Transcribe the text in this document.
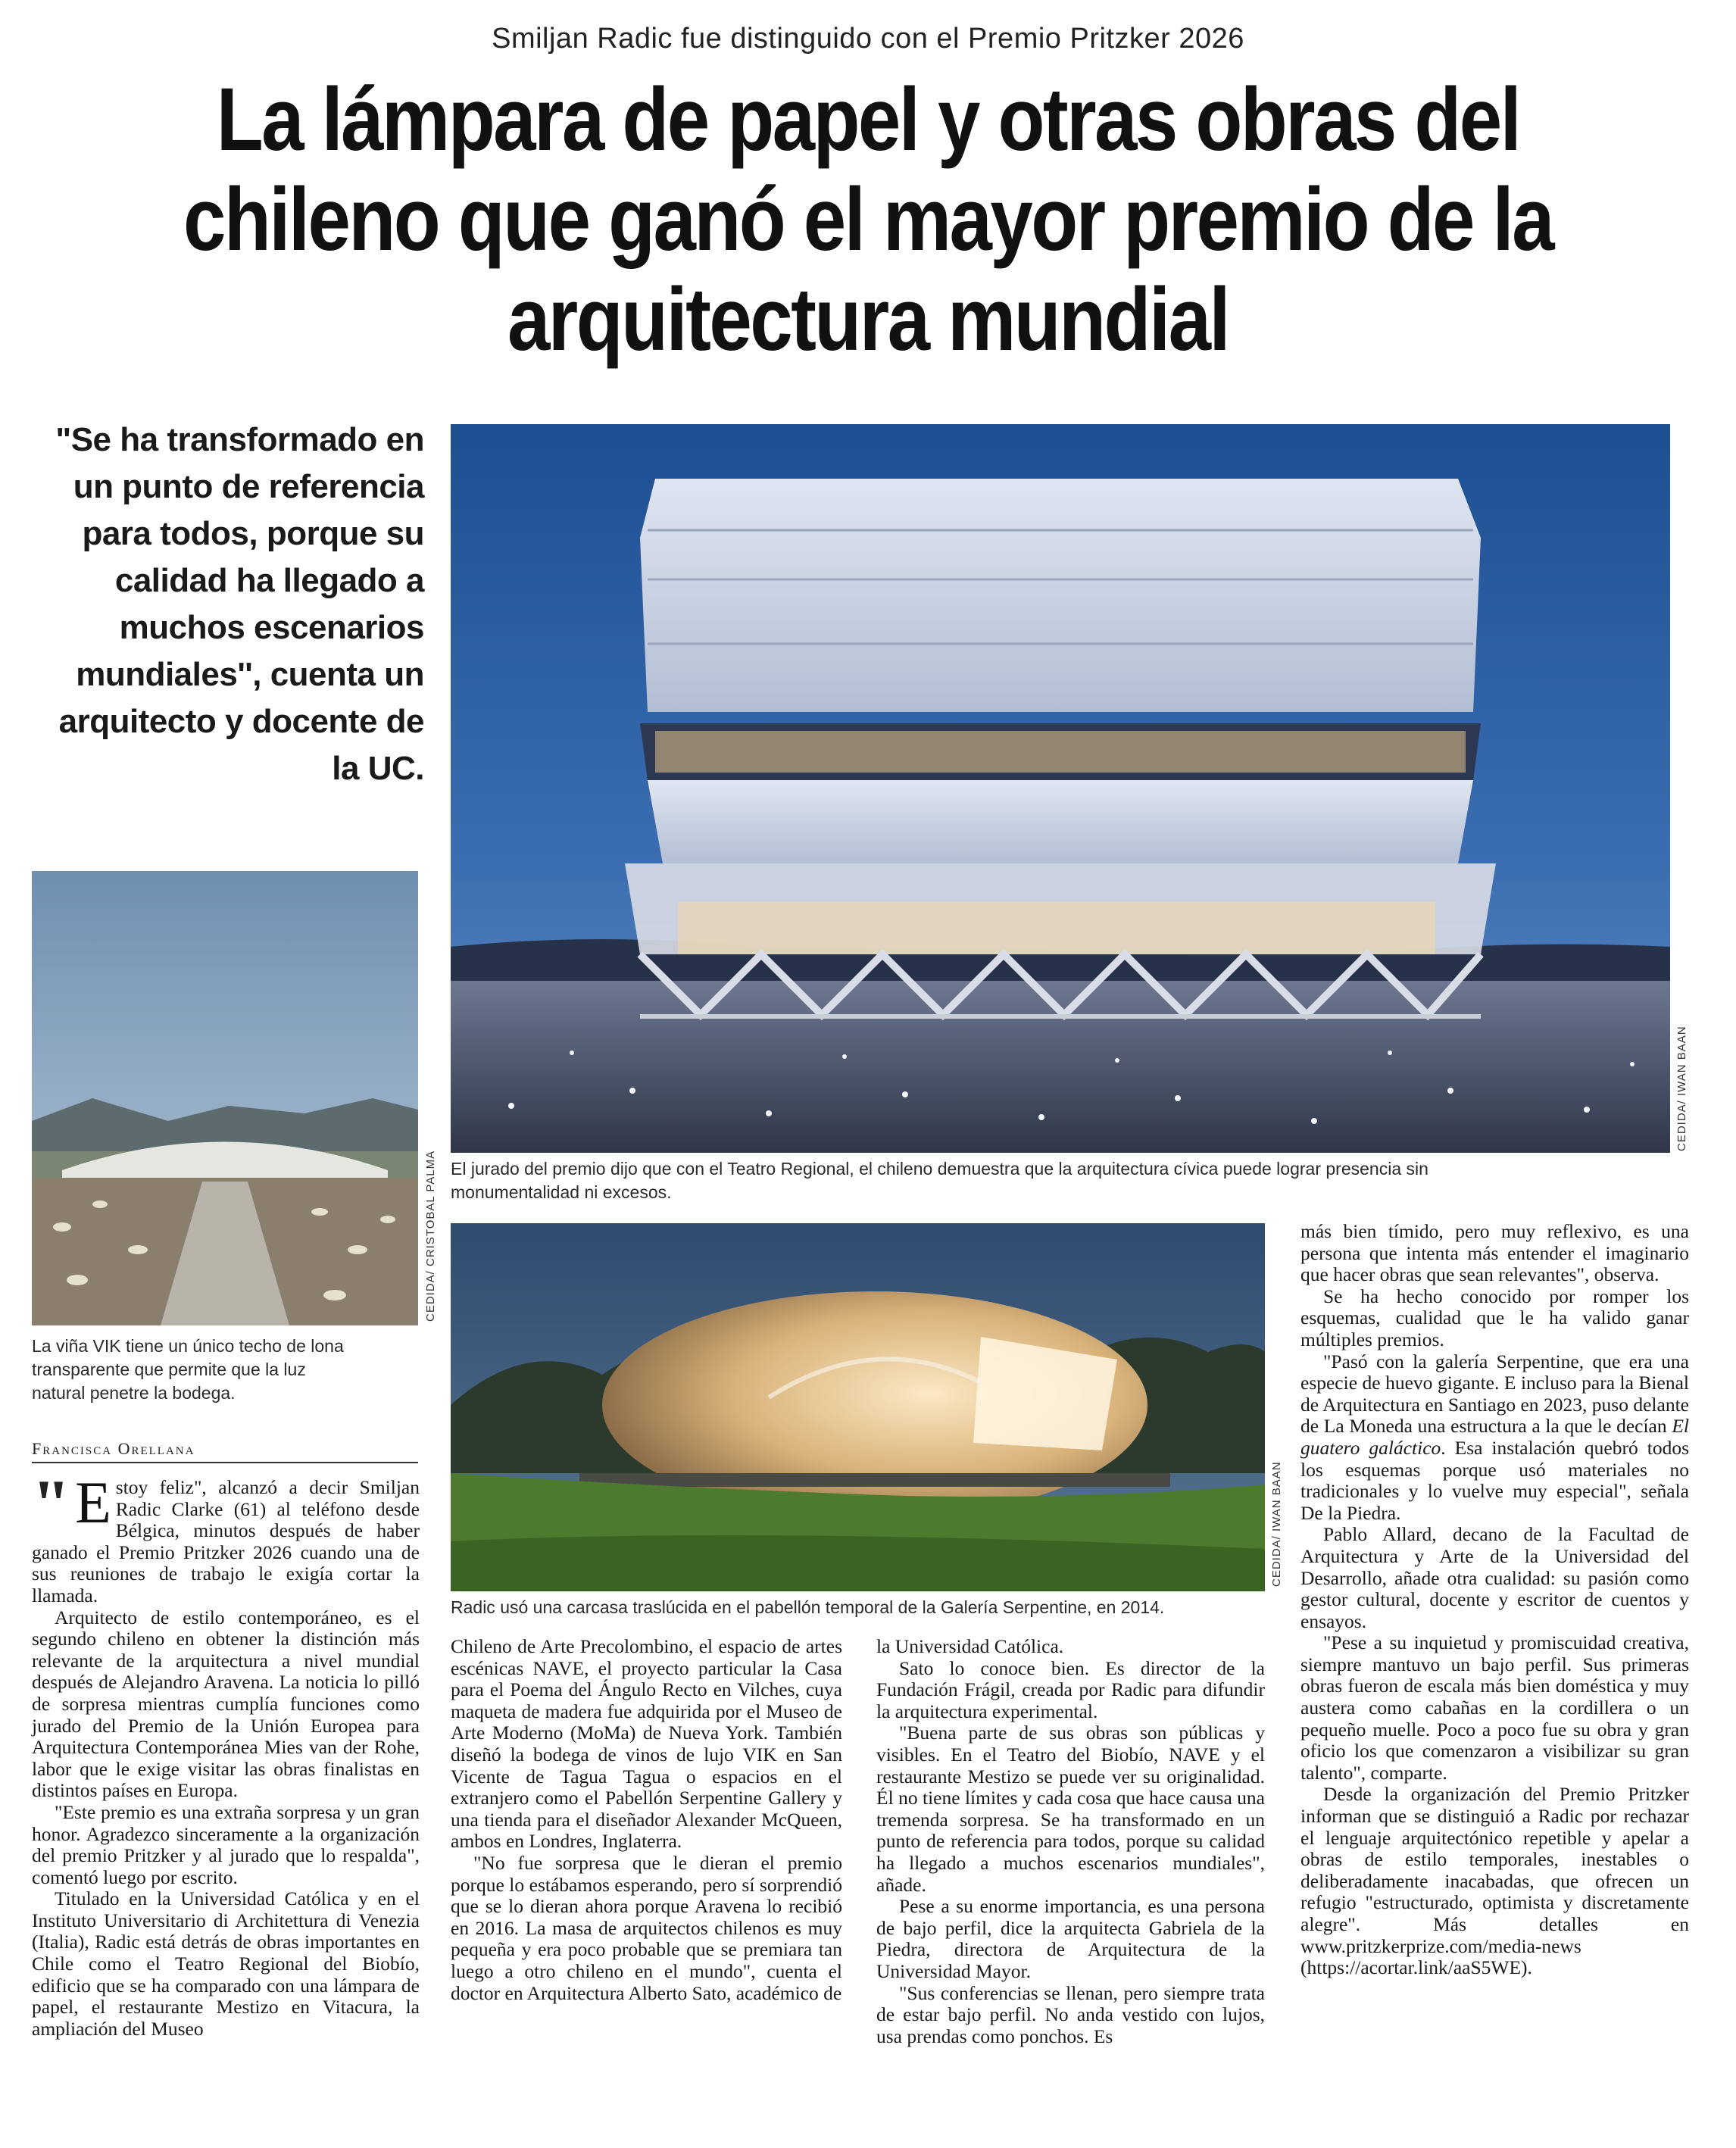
Smiljan Radic fue distinguido con el Premio Pritzker 2026
La lámpara de papel y otras obras del chileno que ganó el mayor premio de la arquitectura mundial
"Se ha transformado en un punto de referencia para todos, porque su calidad ha llegado a muchos escenarios mundiales'', cuenta un arquitecto y docente de la UC.
CEDIDA/ IWAN BAAN
El jurado del premio dijo que con el Teatro Regional, el chileno demuestra que la arquitectura cívica puede lograr presencia sin monumentalidad ni excesos.
CEDIDA/ CRISTOBAL PALMA
La viña VIK tiene un único techo de lona transparente que permite que la luz natural penetre la bodega.
CEDIDA/ IWAN BAAN
Radic usó una carcasa traslúcida en el pabellón temporal de la Galería Serpentine, en 2014.
Francisca Orellana

" E stoy feliz", alcanzó a decir Smiljan Radic Clarke (61) al teléfono desde Bélgica, minutos después de haber ganado el Premio Pritzker 2026 cuando una de sus reuniones de trabajo le exigía cortar la llamada.

Arquitecto de estilo contemporáneo, es el segundo chileno en obtener la distinción más relevante de la arquitectura a nivel mundial después de Alejandro Aravena. La noticia lo pilló de sorpresa mientras cumplía funciones como jurado del Premio de la Unión Europea para Arquitectura Contemporánea Mies van der Rohe, labor que le exige visitar las obras finalistas en distintos países en Europa.

"Este premio es una extraña sorpresa y un gran honor. Agradezco sinceramente a la organización del premio Pritzker y al jurado que lo respalda", comentó luego por escrito.

Titulado en la Universidad Católica y en el Instituto Universitario di Architettura di Venezia (Italia), Radic está detrás de obras importantes en Chile como el Teatro Regional del Biobío, edificio que se ha comparado con una lámpara de papel, el restaurante Mestizo en Vitacura, la ampliación del Museo

Chileno de Arte Precolombino, el espacio de artes escénicas NAVE, el proyecto particular la Casa para el Poema del Ángulo Recto en Vilches, cuya maqueta de madera fue adquirida por el Museo de Arte Moderno (MoMa) de Nueva York. También diseñó la bodega de vinos de lujo VIK en San Vicente de Tagua Tagua o espacios en el extranjero como el Pabellón Serpentine Gallery y una tienda para el diseñador Alexander McQueen, ambos en Londres, Inglaterra.

"No fue sorpresa que le dieran el premio porque lo estábamos esperando, pero sí sorprendió que se lo dieran ahora porque Aravena lo recibió en 2016. La masa de arquitectos chilenos es muy pequeña y era poco probable que se premiara tan luego a otro chileno en el mundo", cuenta el doctor en Arquitectura Alberto Sato, académico de

la Universidad Católica.

Sato lo conoce bien. Es director de la Fundación Frágil, creada por Radic para difundir la arquitectura experimental.

"Buena parte de sus obras son públicas y visibles. En el Teatro del Biobío, NAVE y el restaurante Mestizo se puede ver su originalidad. Él no tiene límites y cada cosa que hace causa una tremenda sorpresa. Se ha transformado en un punto de referencia para todos, porque su calidad ha llegado a muchos escenarios mundiales", añade.

Pese a su enorme importancia, es una persona de bajo perfil, dice la arquitecta Gabriela de la Piedra, directora de Arquitectura de la Universidad Mayor.

"Sus conferencias se llenan, pero siempre trata de estar bajo perfil. No anda vestido con lujos, usa prendas como ponchos. Es

más bien tímido, pero muy reflexivo, es una persona que intenta más entender el imaginario que hacer obras que sean relevantes", observa.

Se ha hecho conocido por romper los esquemas, cualidad que le ha valido ganar múltiples premios.

"Pasó con la galería Serpentine, que era una especie de huevo gigante. E incluso para la Bienal de Arquitectura en Santiago en 2023, puso delante de La Moneda una estructura a la que le decían El guatero galáctico. Esa instalación quebró todos los esquemas porque usó materiales no tradicionales y lo vuelve muy especial", señala De la Piedra.

Pablo Allard, decano de la Facultad de Arquitectura y Arte de la Universidad del Desarrollo, añade otra cualidad: su pasión como gestor cultural, docente y escritor de cuentos y ensayos.

"Pese a su inquietud y promiscuidad creativa, siempre mantuvo un bajo perfil. Sus primeras obras fueron de escala más bien doméstica y muy austera como cabañas en la cordillera o un pequeño muelle. Poco a poco fue su obra y gran oficio los que comenzaron a visibilizar su gran talento", comparte.

Desde la organización del Premio Pritzker informan que se distinguió a Radic por rechazar el lenguaje arquitectónico repetible y apelar a obras de estilo temporales, inestables o deliberadamente inacabadas, que ofrecen un refugio "estructurado, optimista y discretamente alegre". Más detalles en www.pritzkerprize.com/media-news (https://acortar.link/aaS5WE).
